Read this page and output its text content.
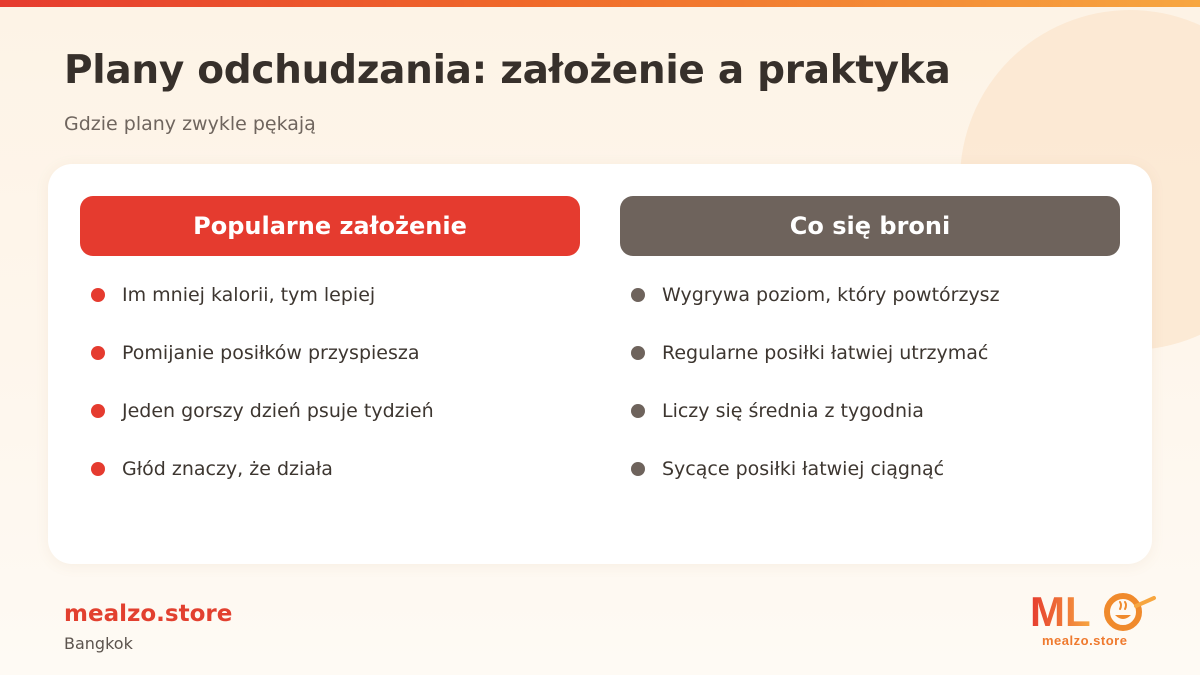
Plany odchudzania: założenie a praktyka
Gdzie plany zwykle pękają
Popularne założenie
Im mniej kalorii, tym lepiej
Pomijanie posiłków przyspiesza
Jeden gorszy dzień psuje tydzień
Głód znaczy, że działa
Co się broni
Wygrywa poziom, który powtórzysz
Regularne posiłki łatwiej utrzymać
Liczy się średnia z tygodnia
Sycące posiłki łatwiej ciągnąć
mealzo.store
Bangkok
ML
mealzo.store
